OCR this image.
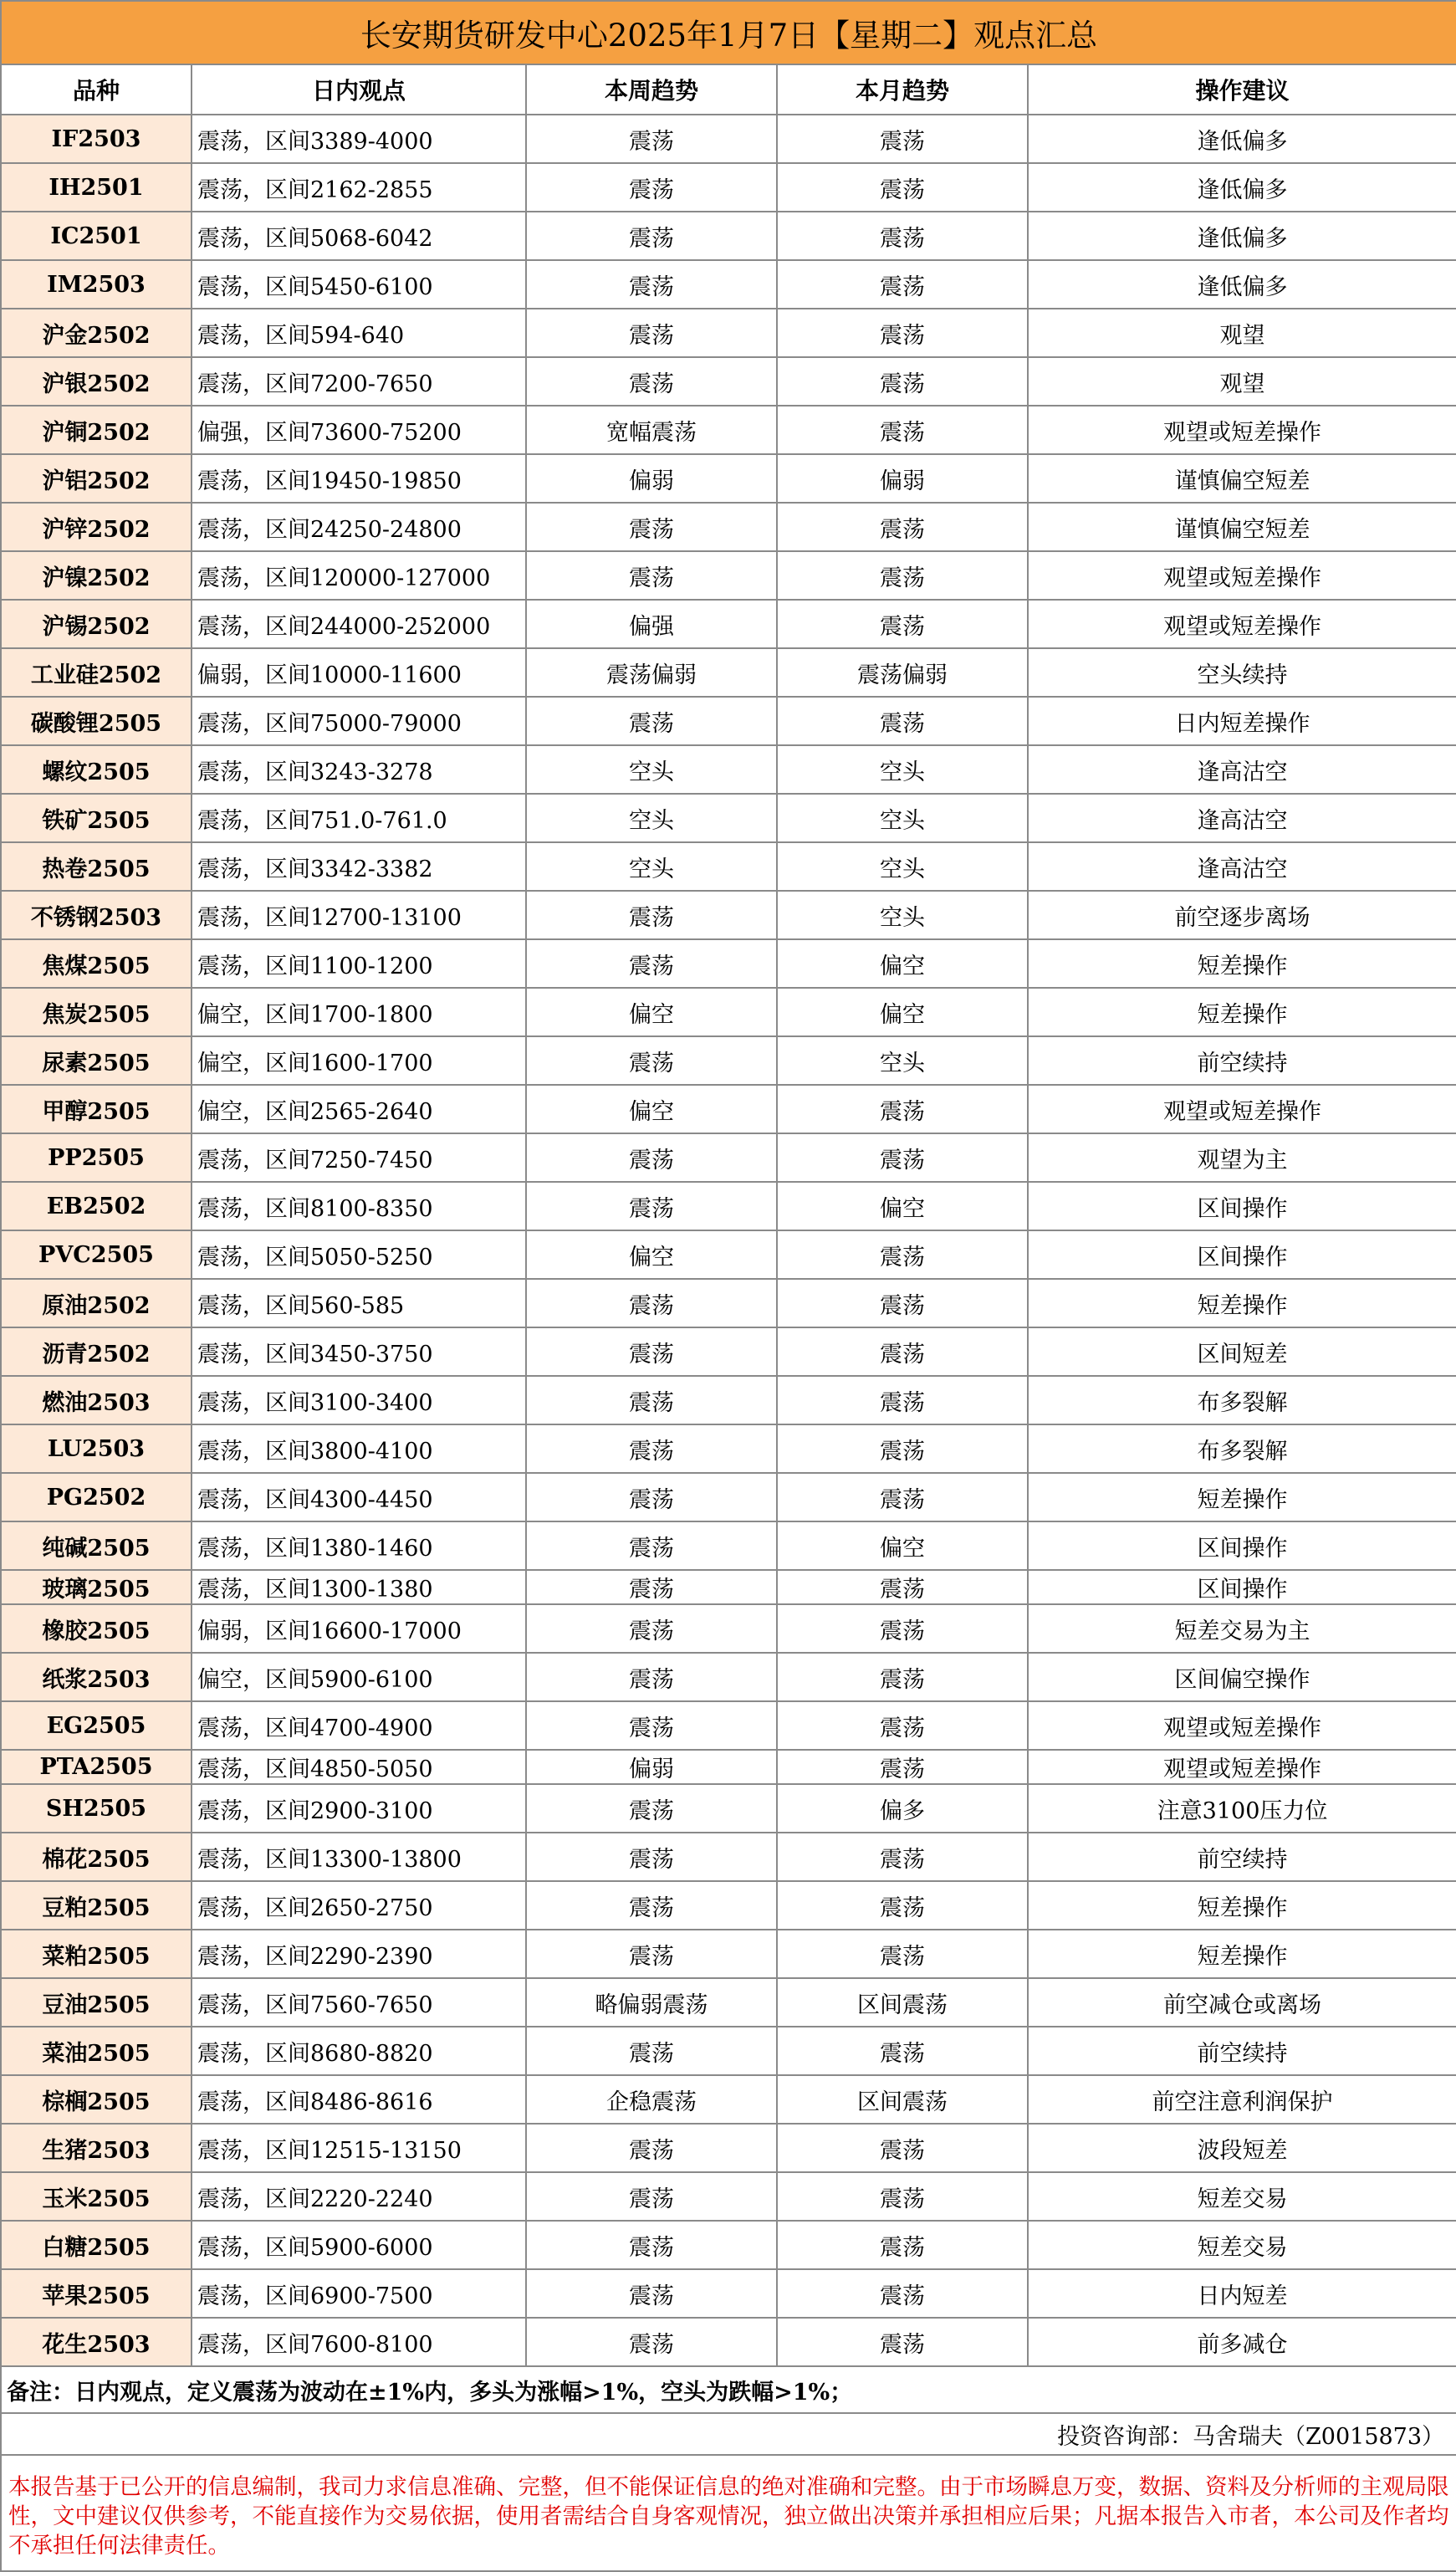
长安期货研发中心2025年1月7日【星期二】观点汇总				
品种	日内观点	本周趋势	本月趋势	操作建议
IF2503	震荡，区间3389-4000	震荡	震荡	逢低偏多
IH2501	震荡，区间2162-2855	震荡	震荡	逢低偏多
IC2501	震荡，区间5068-6042	震荡	震荡	逢低偏多
IM2503	震荡，区间5450-6100	震荡	震荡	逢低偏多
沪金2502	震荡，区间594-640	震荡	震荡	观望
沪银2502	震荡，区间7200-7650	震荡	震荡	观望
沪铜2502	偏强，区间73600-75200	宽幅震荡	震荡	观望或短差操作
沪铝2502	震荡，区间19450-19850	偏弱	偏弱	谨慎偏空短差
沪锌2502	震荡，区间24250-24800	震荡	震荡	谨慎偏空短差
沪镍2502	震荡，区间120000-127000	震荡	震荡	观望或短差操作
沪锡2502	震荡，区间244000-252000	偏强	震荡	观望或短差操作
工业硅2502	偏弱，区间10000-11600	震荡偏弱	震荡偏弱	空头续持
碳酸锂2505	震荡，区间75000-79000	震荡	震荡	日内短差操作
螺纹2505	震荡，区间3243-3278	空头	空头	逢高沽空
铁矿2505	震荡，区间751.0-761.0	空头	空头	逢高沽空
热卷2505	震荡，区间3342-3382	空头	空头	逢高沽空
不锈钢2503	震荡，区间12700-13100	震荡	空头	前空逐步离场
焦煤2505	震荡，区间1100-1200	震荡	偏空	短差操作
焦炭2505	偏空，区间1700-1800	偏空	偏空	短差操作
尿素2505	偏空，区间1600-1700	震荡	空头	前空续持
甲醇2505	偏空，区间2565-2640	偏空	震荡	观望或短差操作
PP2505	震荡，区间7250-7450	震荡	震荡	观望为主
EB2502	震荡，区间8100-8350	震荡	偏空	区间操作
PVC2505	震荡，区间5050-5250	偏空	震荡	区间操作
原油2502	震荡，区间560-585	震荡	震荡	短差操作
沥青2502	震荡，区间3450-3750	震荡	震荡	区间短差
燃油2503	震荡，区间3100-3400	震荡	震荡	布多裂解
LU2503	震荡，区间3800-4100	震荡	震荡	布多裂解
PG2502	震荡，区间4300-4450	震荡	震荡	短差操作
纯碱2505	震荡，区间1380-1460	震荡	偏空	区间操作
玻璃2505	震荡，区间1300-1380	震荡	震荡	区间操作
橡胶2505	偏弱，区间16600-17000	震荡	震荡	短差交易为主
纸浆2503	偏空，区间5900-6100	震荡	震荡	区间偏空操作
EG2505	震荡，区间4700-4900	震荡	震荡	观望或短差操作
PTA2505	震荡，区间4850-5050	偏弱	震荡	观望或短差操作
SH2505	震荡，区间2900-3100	震荡	偏多	注意3100压力位
棉花2505	震荡，区间13300-13800	震荡	震荡	前空续持
豆粕2505	震荡，区间2650-2750	震荡	震荡	短差操作
菜粕2505	震荡，区间2290-2390	震荡	震荡	短差操作
豆油2505	震荡，区间7560-7650	略偏弱震荡	区间震荡	前空减仓或离场
菜油2505	震荡，区间8680-8820	震荡	震荡	前空续持
棕榈2505	震荡，区间8486-8616	企稳震荡	区间震荡	前空注意利润保护
生猪2503	震荡，区间12515-13150	震荡	震荡	波段短差
玉米2505	震荡，区间2220-2240	震荡	震荡	短差交易
白糖2505	震荡，区间5900-6000	震荡	震荡	短差交易
苹果2505	震荡，区间6900-7500	震荡	震荡	日内短差
花生2503	震荡，区间7600-8100	震荡	震荡	前多减仓
备注：日内观点，定义震荡为波动在±1%内，多头为涨幅>1%，空头为跌幅>1%；				
投资咨询部：马舍瑞夫（Z0015873）				
本报告基于已公开的信息编制，我司力求信息准确、完整，但不能保证信息的绝对准确和完整。由于市场瞬息万变，数据、资料及分析师的主观局限性，文中建议仅供参考，不能直接作为交易依据，使用者需结合自身客观情况，独立做出决策并承担相应后果；凡据本报告入市者，本公司及作者均不承担任何法律责任。				
